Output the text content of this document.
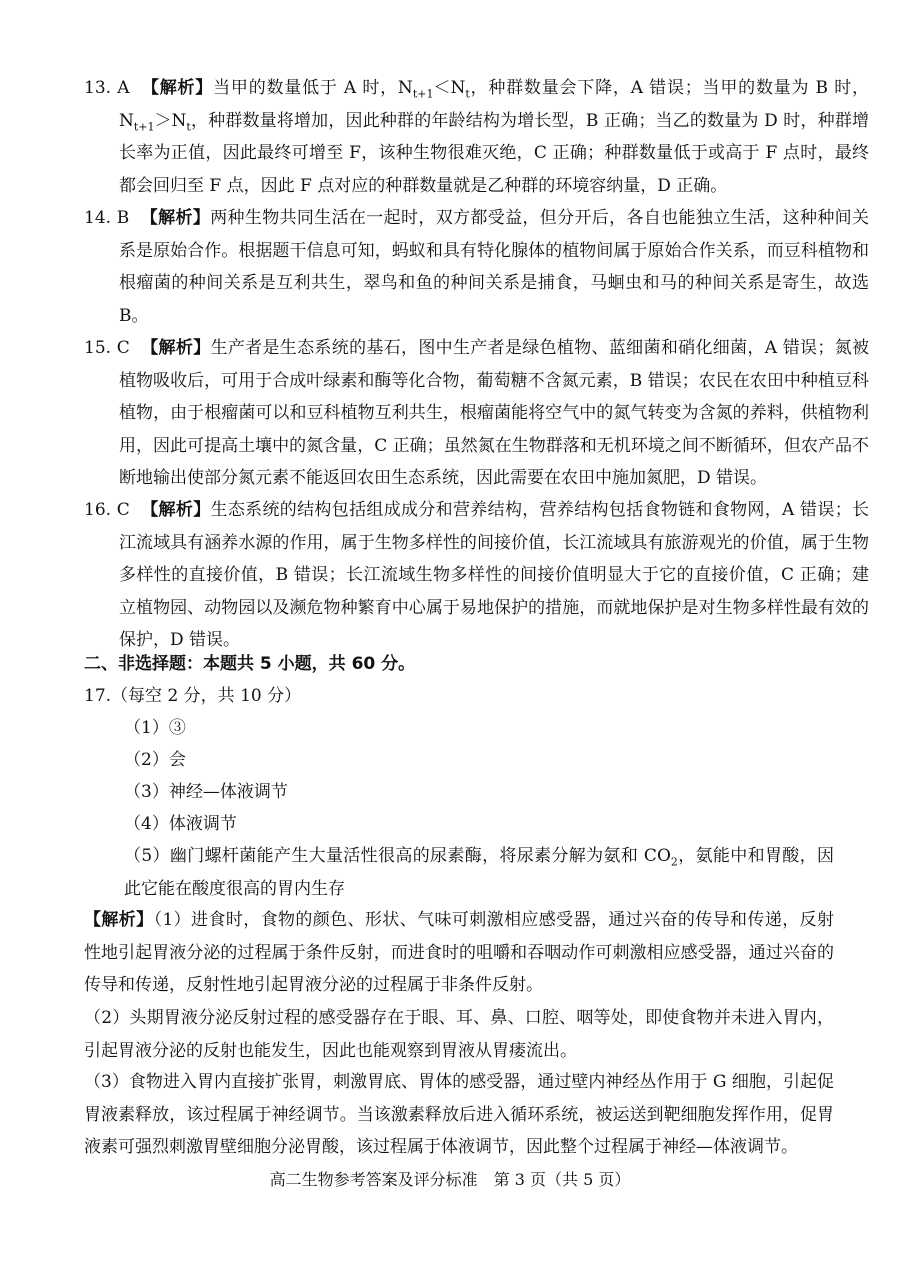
13. A 【解析】当甲的数量低于 A 时，$N_{t+1}<N_t$，种群数量会下降，A 错误；当甲的数量为 B 时，$N_{t+1}>N_t$，种群数量将增加，因此种群的年龄结构为增长型，B 正确；当乙的数量为 D 时，种群增长率为正值，因此最终可增至 F，该种生物很难灭绝，C 正确；种群数量低于或高于 F 点时，最终都会回归至 F 点，因此 F 点对应的种群数量就是乙种群的环境容纳量，D 正确。
14. B 【解析】两种生物共同生活在一起时，双方都受益，但分开后，各自也能独立生活，这种种间关系是原始合作。根据题干信息可知，蚂蚁和具有特化腺体的植物间属于原始合作关系，而豆科植物和根瘤菌的种间关系是互利共生，翠鸟和鱼的种间关系是捕食，马蛔虫和马的种间关系是寄生，故选 B。
15. C 【解析】生产者是生态系统的基石，图中生产者是绿色植物、蓝细菌和硝化细菌，A 错误；氮被植物吸收后，可用于合成叶绿素和酶等化合物，葡萄糖不含氮元素，B 错误；农民在农田中种植豆科植物，由于根瘤菌可以和豆科植物互利共生，根瘤菌能将空气中的氮气转变为含氮的养料，供植物利用，因此可提高土壤中的氮含量，C 正确；虽然氮在生物群落和无机环境之间不断循环，但农产品不断地输出使部分氮元素不能返回农田生态系统，因此需要在农田中施加氮肥，D 错误。
16. C 【解析】生态系统的结构包括组成成分和营养结构，营养结构包括食物链和食物网，A 错误；长江流域具有涵养水源的作用，属于生物多样性的间接价值，长江流域具有旅游观光的价值，属于生物多样性的直接价值，B 错误；长江流域生物多样性的间接价值明显大于它的直接价值，C 正确；建立植物园、动物园以及濒危物种繁育中心属于易地保护的措施，而就地保护是对生物多样性最有效的保护，D 错误。
二、非选择题：本题共 5 小题，共 60 分。
17.（每空 2 分，共 10 分）
（1）③
（2）会
（3）神经—体液调节
（4）体液调节
（5）幽门螺杆菌能产生大量活性很高的尿素酶，将尿素分解为氨和 $CO_2$，氨能中和胃酸，因此它能在酸度很高的胃内生存
【解析】（1）进食时，食物的颜色、形状、气味可刺激相应感受器，通过兴奋的传导和传递，反射性地引起胃液分泌的过程属于条件反射，而进食时的咀嚼和吞咽动作可刺激相应感受器，通过兴奋的传导和传递，反射性地引起胃液分泌的过程属于非条件反射。
（2）头期胃液分泌反射过程的感受器存在于眼、耳、鼻、口腔、咽等处，即使食物并未进入胃内，引起胃液分泌的反射也能发生，因此也能观察到胃液从胃瘘流出。
（3）食物进入胃内直接扩张胃，刺激胃底、胃体的感受器，通过壁内神经丛作用于 G 细胞，引起促胃液素释放，该过程属于神经调节。当该激素释放后进入循环系统，被运送到靶细胞发挥作用，促胃液素可强烈刺激胃壁细胞分泌胃酸，该过程属于体液调节，因此整个过程属于神经—体液调节。
高二生物参考答案及评分标准　第 3 页（共 5 页）
